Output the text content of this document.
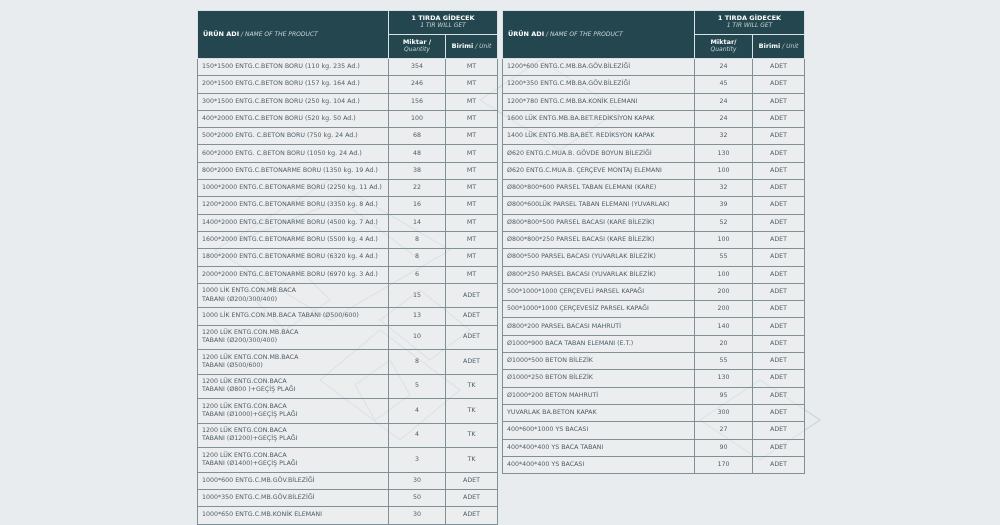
ÜRÜN ADI / NAME OF THE PRODUCT	1 TIRDA GİDECEK
1 TIR WILL GET	

	Miktar /
Quantity	Birimi / Unit
150*1500 ENTG.C.BETON BORU (110 kg. 235 Ad.)	354	MT
200*1500 ENTG.C.BETON BORU (157 kg. 164 Ad.)	246	MT
300*1500 ENTG.C.BETON BORU (250 kg. 104 Ad.)	156	MT
400*2000 ENTG.C.BETON BORU (520 kg. 50 Ad.)	100	MT
500*2000 ENTG. C.BETON BORU (750 kg. 24 Ad.)	68	MT
600*2000 ENTG. C.BETON BORU (1050 kg. 24 Ad.)	48	MT
800*2000 ENTG.C.BETONARME BORU (1350 kg. 19 Ad.)	38	MT
1000*2000 ENTG.C.BETONARME BORU (2250 kg. 11 Ad.)	22	MT
1200*2000 ENTG.C.BETONARME BORU (3350 kg. 8 Ad.)	16	MT
1400*2000 ENTG.C.BETONARME BORU (4500 kg. 7 Ad.)	14	MT
1600*2000 ENTG.C.BETONARME BORU (5500 kg. 4 Ad.)	8	MT
1800*2000 ENTG.C.BETONARME BORU (6320 kg. 4 Ad.)	8	MT
2000*2000 ENTG.C.BETONARME BORU (6970 kg. 3 Ad.)	6	MT

1000 LİK ENTG.CON.MB.BACA
TABANI (Ø200/300/400)	15	ADET
1000 LİK ENTG.CON.MB.BACA TABANI (Ø500/600)	13	ADET

1200 LÜK ENTG.CON.MB.BACA
TABANI (Ø200/300/400)	10	ADET

1200 LÜK ENTG.CON.MB.BACA
TABANI (Ø500/600)	8	ADET

1200 LÜK ENTG.CON.BACA
TABANI (Ø800 )+GEÇİŞ PLAĞI	5	TK

1200 LÜK ENTG.CON.BACA
TABANI (Ø1000)+GEÇİŞ PLAĞI	4	TK

1200 LÜK ENTG.CON.BACA
TABANI (Ø1200)+GEÇİŞ PLAĞI	4	TK

1200 LÜK ENTG.CON.BACA
TABANI (Ø1400)+GEÇİŞ PLAĞI	3	TK
1000*600 ENTG.C.MB.GÖV.BİLEZİĞİ	30	ADET
1000*350 ENTG.C.MB.GÖV.BİLEZİĞİ	50	ADET
1000*650 ENTG.C.MB.KONİK ELEMANI	30	ADET
ÜRÜN ADI / NAME OF THE PRODUCT	1 TIRDA GİDECEK
1 TIR WILL GET	

	Miktar/
Quantity	Birimi / Unit
1200*600 ENTG.C.MB.BA.GÖV.BİLEZİĞİ	24	ADET
1200*350 ENTG.C.MB.BA.GÖV.BİLEZİĞİ	45	ADET
1200*780 ENTG.C.MB.BA.KONİK ELEMANI	24	ADET
1600 LÜK ENTG.MB.BA.BET.REDİKSİYON KAPAK	24	ADET
1400 LÜK ENTG.MB.BA.BET. REDİKSYON KAPAK	32	ADET
Ø620 ENTG.C.MUA.B. GÖVDE BOYUN BİLEZİĞİ	130	ADET
Ø620 ENTG.C.MUA.B. ÇERÇEVE MONTAJ ELEMANI	100	ADET
Ø800*800*600 PARSEL TABAN ELEMANI (KARE)	32	ADET
Ø800*600LÜK PARSEL TABAN ELEMANI (YUVARLAK)	39	ADET
Ø800*800*500 PARSEL BACASI (KARE BİLEZİK)	52	ADET
Ø800*800*250 PARSEL BACASI (KARE BİLEZİK)	100	ADET
Ø800*500 PARSEL BACASI (YUVARLAK BİLEZİK)	55	ADET
Ø800*250 PARSEL BACASI (YUVARLAK BİLEZİK)	100	ADET
500*1000*1000 ÇERÇEVELİ PARSEL KAPAĞI	200	ADET
500*1000*1000 ÇERÇEVESİZ PARSEL KAPAĞI	200	ADET
Ø800*200 PARSEL BACASI MAHRUTİ	140	ADET
Ø1000*900 BACA TABAN ELEMANI (E.T.)	20	ADET
Ø1000*500 BETON BİLEZİK	55	ADET
Ø1000*250 BETON BİLEZİK	130	ADET
Ø1000*200 BETON MAHRUTİ	95	ADET
YUVARLAK BA.BETON KAPAK	300	ADET
400*600*1000 YS BACASI	27	ADET
400*400*400 YS BACA TABANI	90	ADET
400*400*400 YS BACASI	170	ADET
